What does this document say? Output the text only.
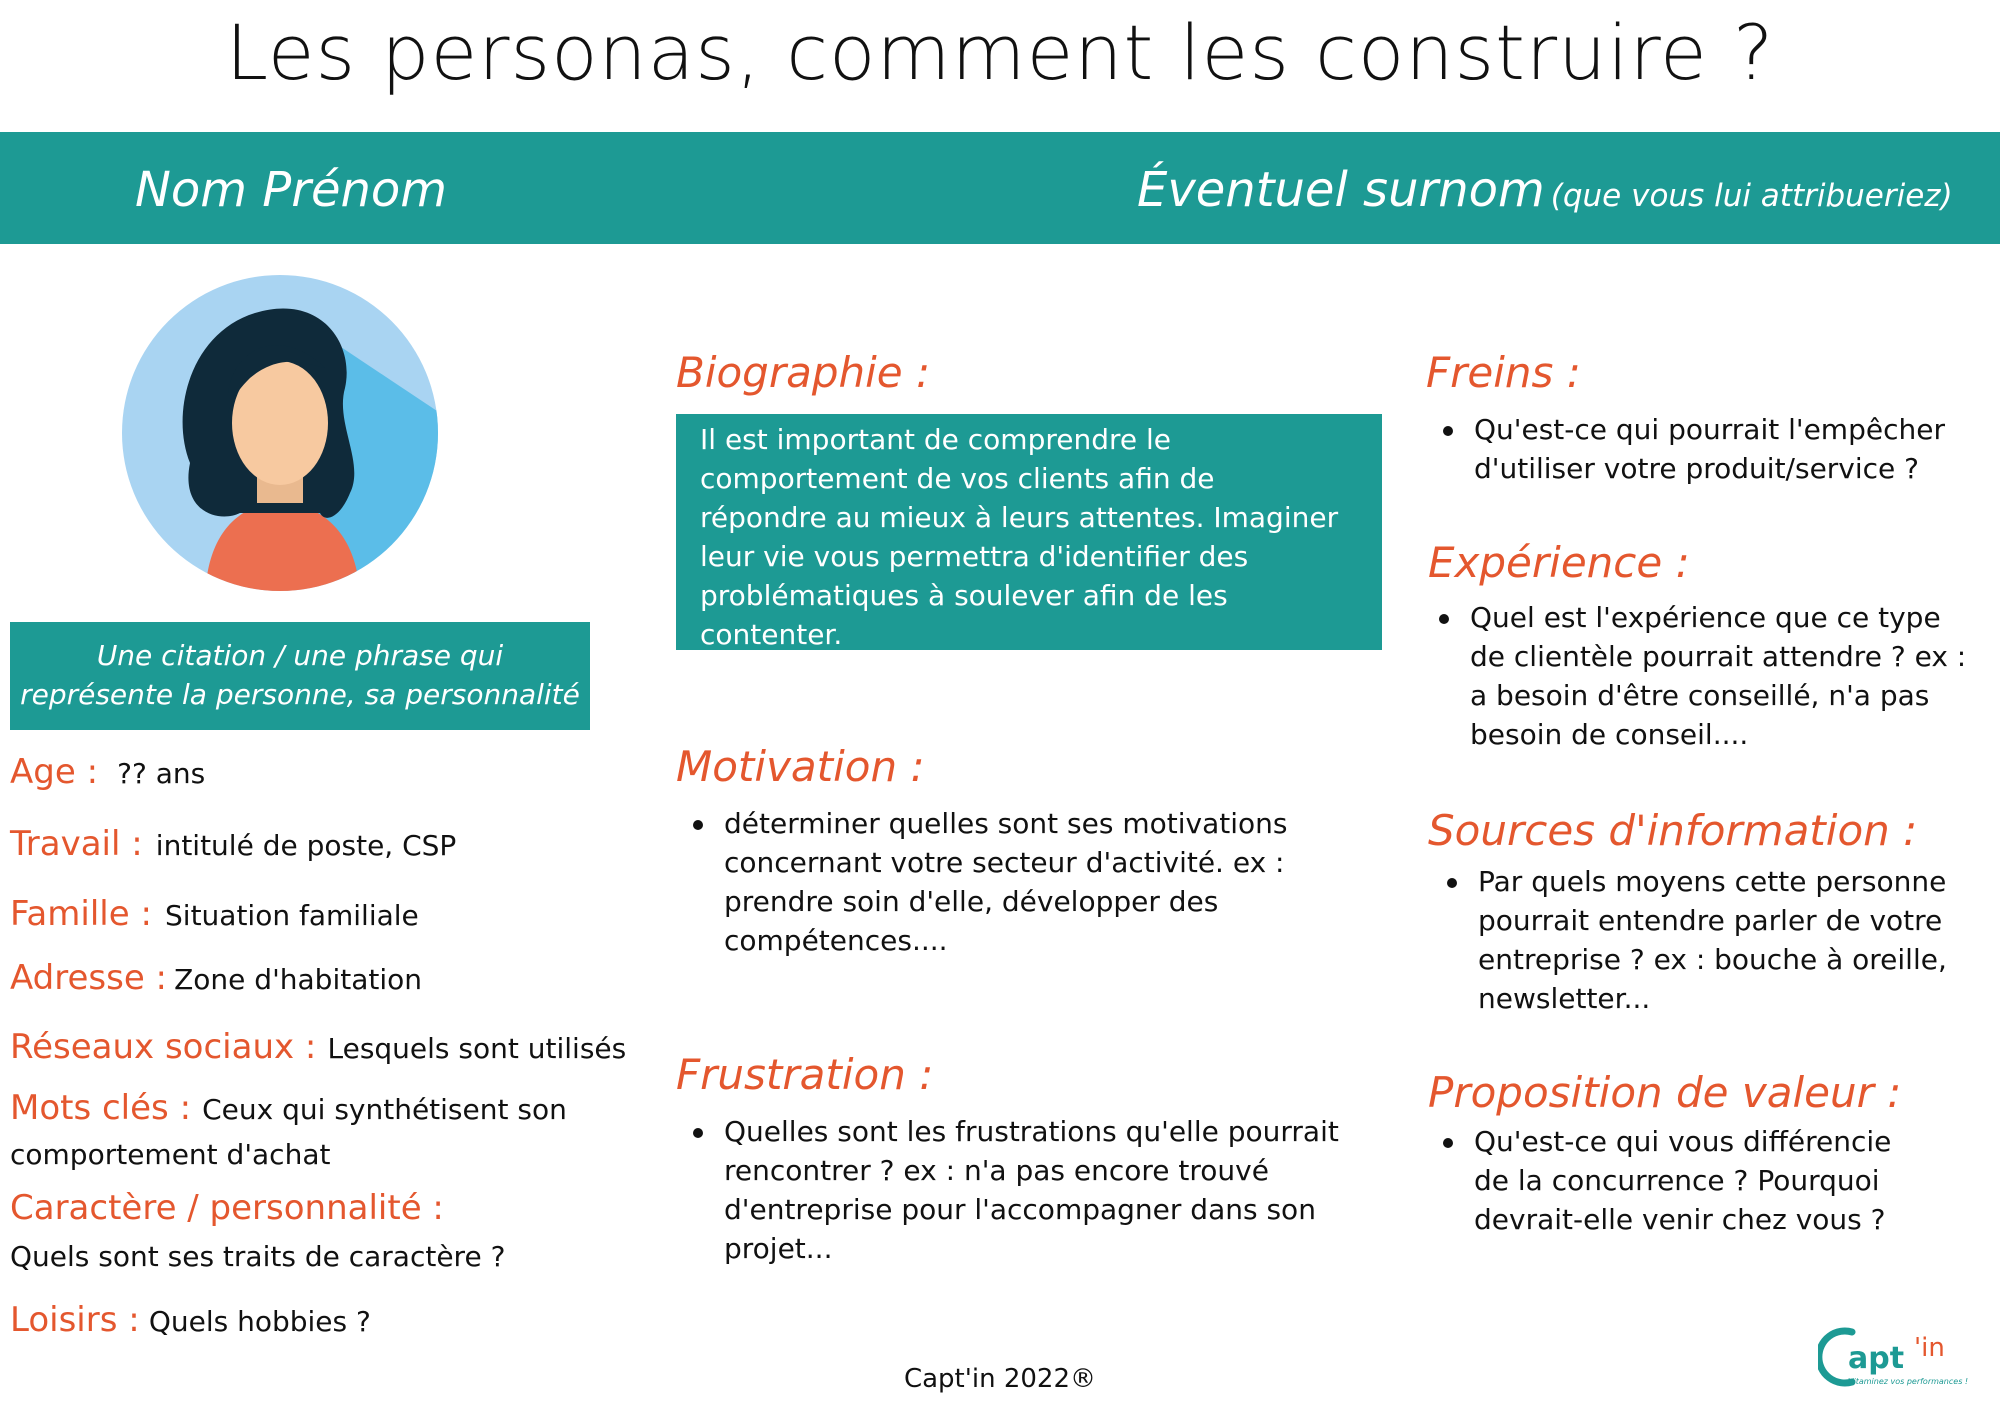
Les personas, comment les construire ?
Nom Prénom	Éventuel surnom (que vous lui attribueriez)
Une citation / une phrase qui
représente la personne, sa personnalité
Age : ?? ans
Travail : intitulé de poste, CSP
Famille : Situation familiale
Adresse : Zone d'habitation
Réseaux sociaux : Lesquels sont utilisés
Mots clés : Ceux qui synthétisent son
comportement d'achat
Caractère / personnalité :
Quels sont ses traits de caractère ?
Loisirs : Quels hobbies ?
Biographie :
Il est important de comprendre le
comportement de vos clients afin de
répondre au mieux à leurs attentes. Imaginer
leur vie vous permettra d'identifier des
problématiques à soulever afin de les
contenter.
Motivation :
déterminer quelles sont ses motivations
concernant votre secteur d'activité. ex :
prendre soin d'elle, développer des
compétences....
Frustration :
Quelles sont les frustrations qu'elle pourrait
rencontrer ? ex : n'a pas encore trouvé
d'entreprise pour l'accompagner dans son
projet...
Freins :
Qu'est-ce qui pourrait l'empêcher
d'utiliser votre produit/service ?
Expérience :
Quel est l'expérience que ce type
de clientèle pourrait attendre ? ex :
a besoin d'être conseillé, n'a pas
besoin de conseil....
Sources d'information :
Par quels moyens cette personne
pourrait entendre parler de votre
entreprise ? ex : bouche à oreille,
newsletter...
Proposition de valeur :
Qu'est-ce qui vous différencie
de la concurrence ? Pourquoi
devrait-elle venir chez vous ?
Capt'in 2022®
apt 'in
Vitaminez vos performances !
